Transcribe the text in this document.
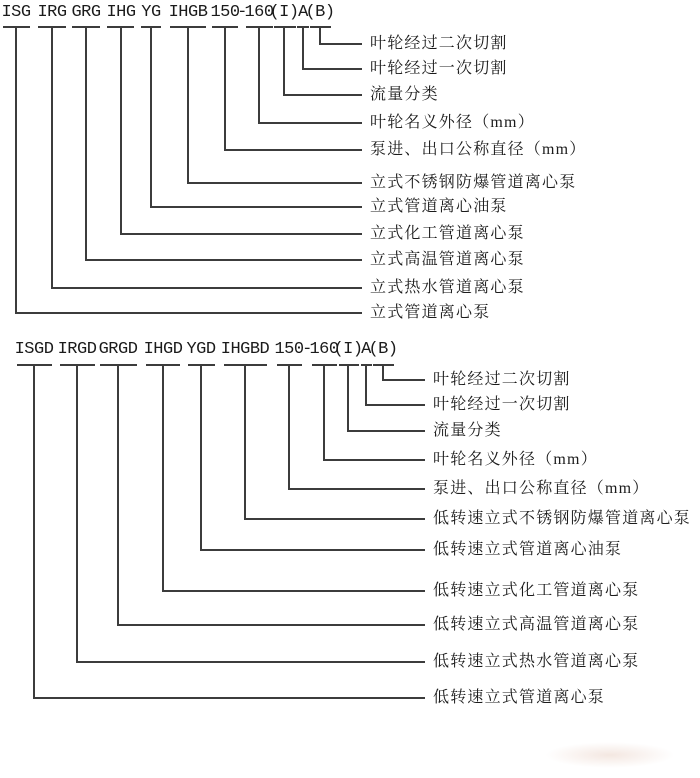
-
ISG
立式管道离心泵
IRG
立式热水管道离心泵
GRG
立式高温管道离心泵
IHG
立式化工管道离心泵
YG
立式管道离心油泵
IHGB
立式不锈钢防爆管道离心泵
150
泵进、出口公称直径（mm）
160
叶轮名义外径（mm）
(I)
流量分类
A
叶轮经过一次切割
(B)
叶轮经过二次切割
-
ISGD
低转速立式管道离心泵
IRGD
低转速立式热水管道离心泵
GRGD
低转速立式高温管道离心泵
IHGD
低转速立式化工管道离心泵
YGD
低转速立式管道离心油泵
IHGBD
低转速立式不锈钢防爆管道离心泵
150
泵进、出口公称直径（mm）
160
叶轮名义外径（mm）
(I)
流量分类
A
叶轮经过一次切割
(B)
叶轮经过二次切割
